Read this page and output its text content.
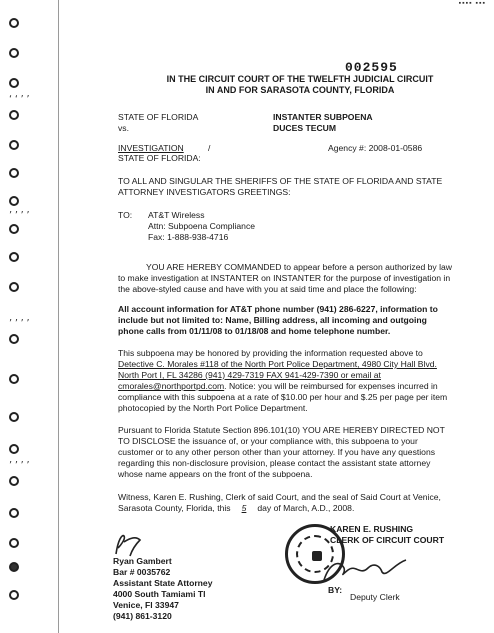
▪▪▪▪ ▪▪▪
‘‘’’
’’’’
’’’’
’’’’
002595
IN THE CIRCUIT COURT OF THE TWELFTH JUDICIAL CIRCUIT
IN AND FOR SARASOTA COUNTY, FLORIDA
STATE OF FLORIDA
vs.
INSTANTER SUBPOENA
DUCES TECUM
INVESTIGATION	/
STATE OF FLORIDA:
Agency #: 2008-01-0586
TO ALL AND SINGULAR THE SHERIFFS OF THE STATE OF FLORIDA AND STATE
ATTORNEY INVESTIGATORS GREETINGS:
TO: AT&T Wireless
Attn: Subpoena Compliance
Fax: 1-888-938-4716
YOU ARE HEREBY COMMANDED to appear before a person authorized by law
to make investigation at INSTANTER on INSTANTER for the purpose of investigation in
the above-styled cause and have with you at said time and place the following:
All account information for AT&T phone number (941) 286-6227, information to
include but not limited to: Name, Billing address, all incoming and outgoing
phone calls from 01/11/08 to 01/18/08 and home telephone number.
This subpoena may be honored by providing the information requested above to
Detective C. Morales #118 of the North Port Police Department, 4980 City Hall Blvd.
North Port I, FL 34286 (941) 429-7319 FAX 941-429-7390 or email at
cmorales@northportpd.com. Notice: you will be reimbursed for expenses incurred in
compliance with this subpoena at a rate of $10.00 per hour and $.25 per page per item
photocopied by the North Port Police Department.
Pursuant to Florida Statute Section 896.101(10) YOU ARE HEREBY DIRECTED NOT
TO DISCLOSE the issuance of, or your compliance with, this subpoena to your
customer or to any other person other than your attorney. If you have any questions
regarding this non-disclosure provision, please contact the assistant state attorney
whose name appears on the front of the subpoena.
Witness, Karen E. Rushing, Clerk of said Court, and the seal of Said Court at Venice,
Sarasota County, Florida, this 5 day of March, A.D., 2008.
KAREN E. RUSHING
CLERK OF CIRCUIT COURT
BY:
Deputy Clerk
Ryan Gambert
Bar # 0035762
Assistant State Attorney
4000 South Tamiami Tl
Venice, Fl 33947
(941) 861-3120
